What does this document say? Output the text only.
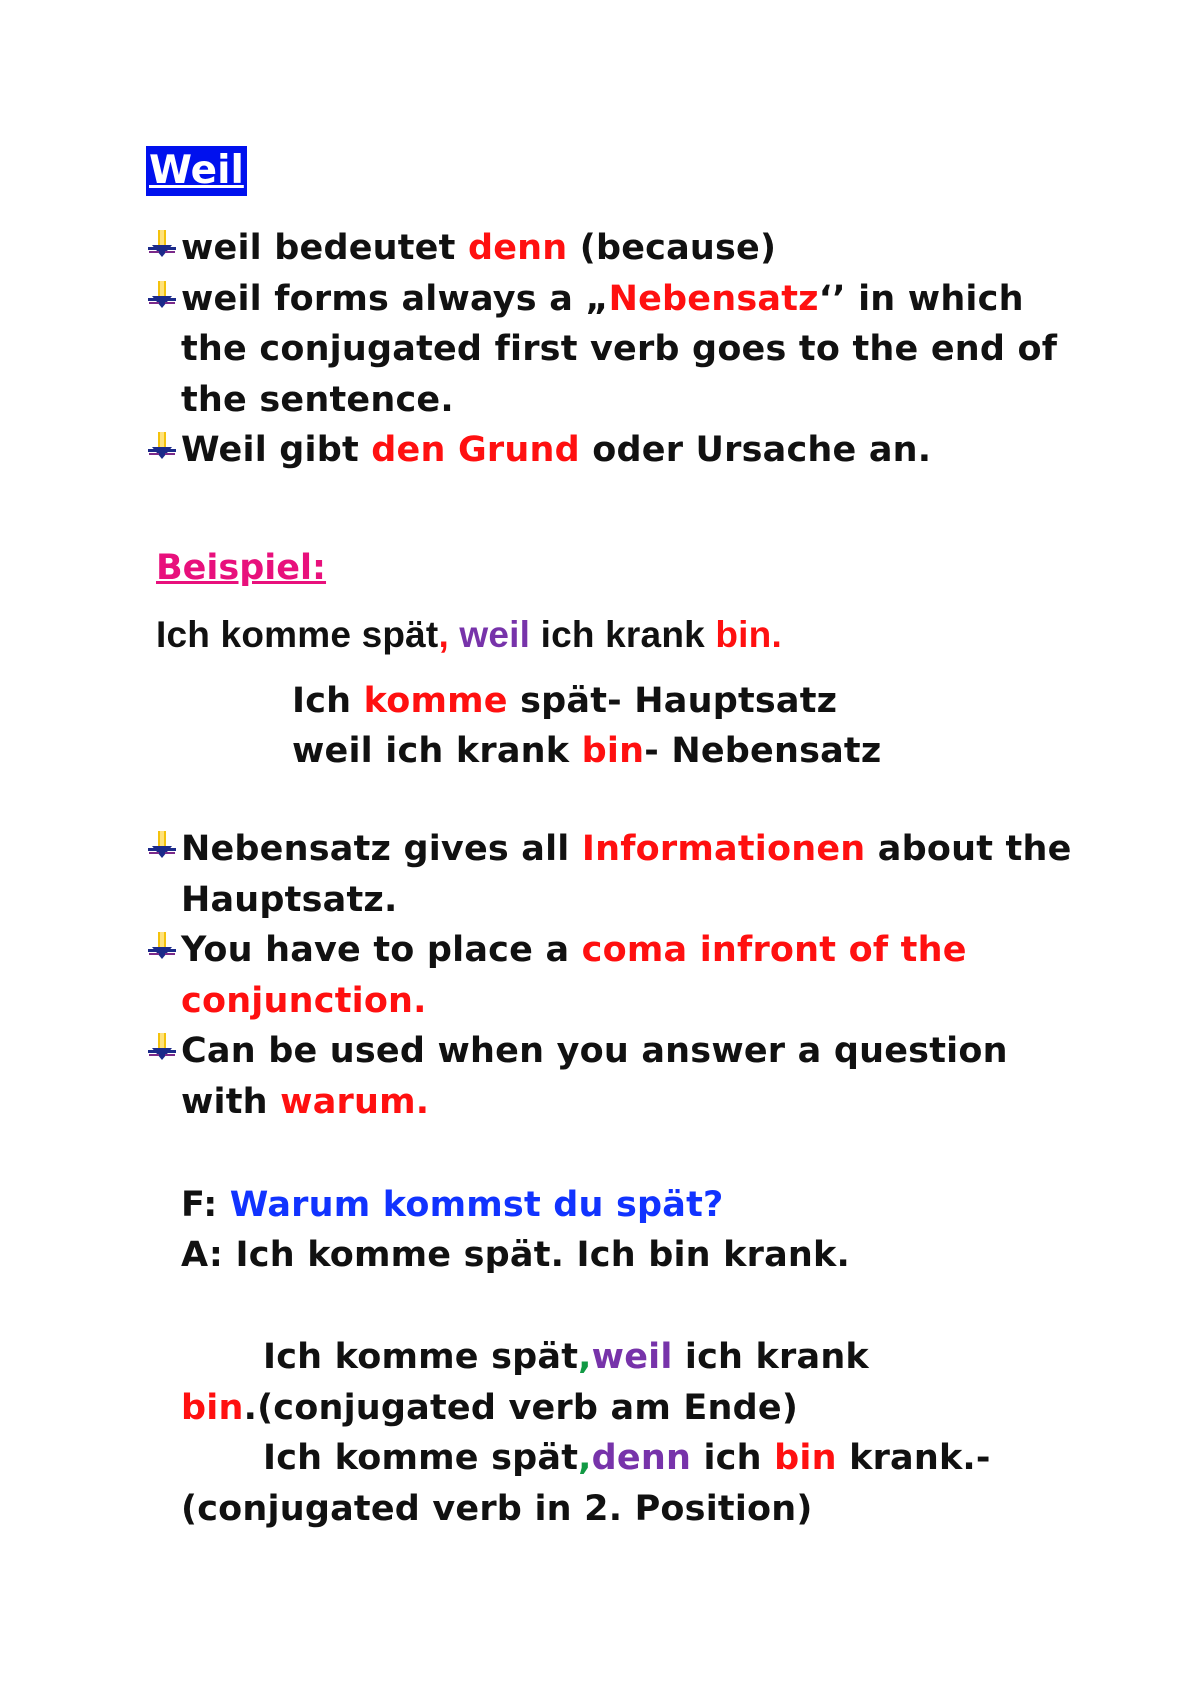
Weil
weil bedeutet denn (because)
weil forms always a „Nebensatz‘’ in which
the conjugated first verb goes to the end of
the sentence.
Weil gibt den Grund oder Ursache an.
Ich komme spät, weil ich krank bin.
Ich komme spät- Hauptsatz
weil ich krank bin- Nebensatz
Nebensatz gives all Informationen about the
Hauptsatz.
You have to place a coma infront of the
conjunction.
Can be used when you answer a question
with warum.
F: Warum kommst du spät?
A: Ich komme spät. Ich bin krank.
Ich komme spät,weil ich krank
bin.(conjugated verb am Ende)
Ich komme spät,denn ich bin krank.-
(conjugated verb in 2. Position)
Beispiel:
